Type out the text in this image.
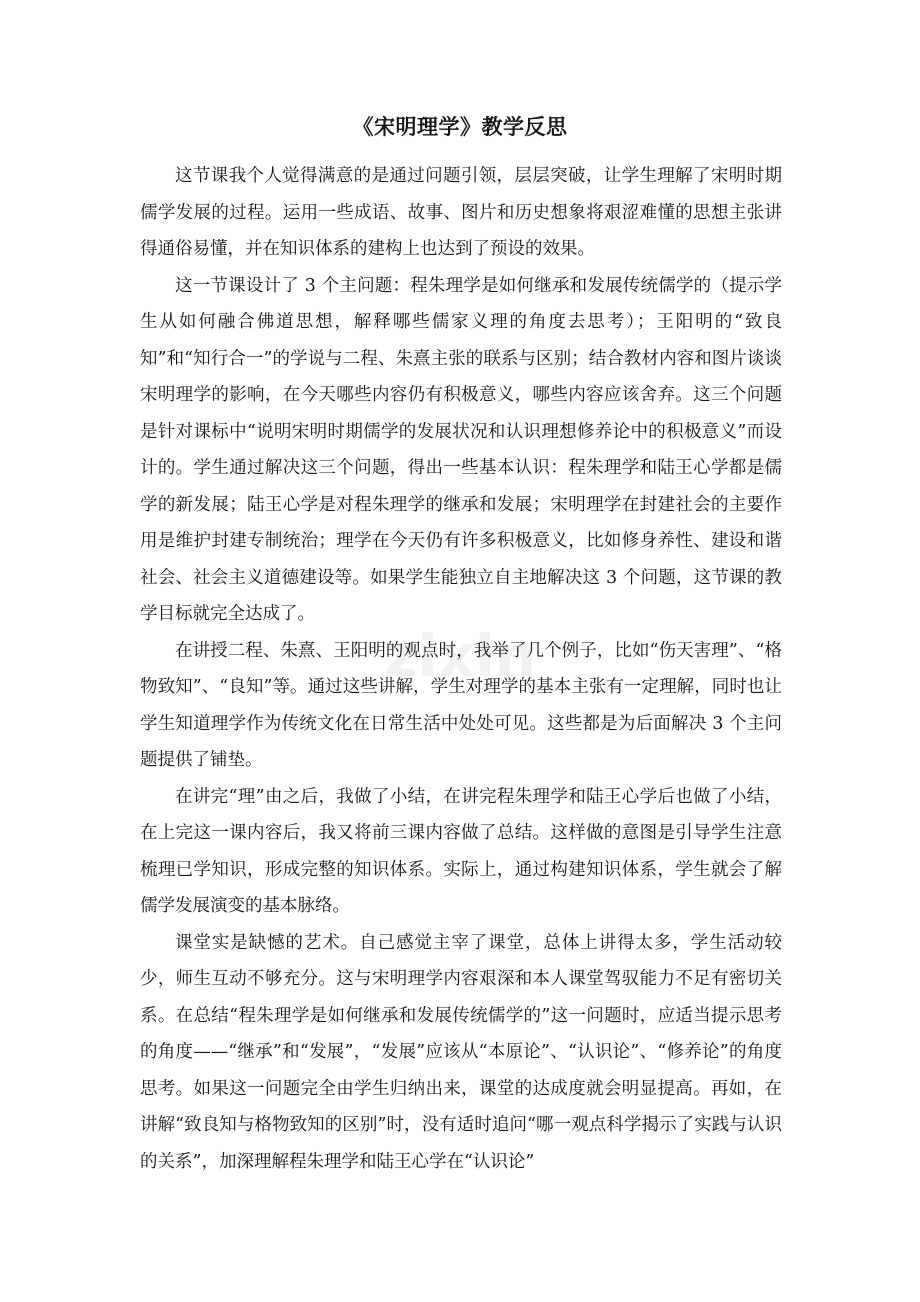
《宋明理学》教学反思
zixin

这节课我个人觉得满意的是通过问题引领，层层突破，让学生理解了宋明时期儒学发展的过程。运用一些成语、故事、图片和历史想象将艰涩难懂的思想主张讲得通俗易懂，并在知识体系的建构上也达到了预设的效果。

这一节课设计了 3 个主问题：程朱理学是如何继承和发展传统儒学的（提示学生从如何融合佛道思想，解释哪些儒家义理的角度去思考）；王阳明的“致良知”和“知行合一”的学说与二程、朱熹主张的联系与区别；结合教材内容和图片谈谈宋明理学的影响，在今天哪些内容仍有积极意义，哪些内容应该舍弃。这三个问题是针对课标中“说明宋明时期儒学的发展状况和认识理想修养论中的积极意义”而设计的。学生通过解决这三个问题，得出一些基本认识：程朱理学和陆王心学都是儒学的新发展；陆王心学是对程朱理学的继承和发展；宋明理学在封建社会的主要作用是维护封建专制统治；理学在今天仍有许多积极意义，比如修身养性、建设和谐社会、社会主义道德建设等。如果学生能独立自主地解决这 3 个问题，这节课的教学目标就完全达成了。

在讲授二程、朱熹、王阳明的观点时，我举了几个例子，比如“伤天害理”、“格物致知”、“良知”等。通过这些讲解，学生对理学的基本主张有一定理解，同时也让学生知道理学作为传统文化在日常生活中处处可见。这些都是为后面解决 3 个主问题提供了铺垫。

在讲完“理”由之后，我做了小结，在讲完程朱理学和陆王心学后也做了小结，在上完这一课内容后，我又将前三课内容做了总结。这样做的意图是引导学生注意梳理已学知识，形成完整的知识体系。实际上，通过构建知识体系，学生就会了解儒学发展演变的基本脉络。

课堂实是缺憾的艺术。自己感觉主宰了课堂，总体上讲得太多，学生活动较少，师生互动不够充分。这与宋明理学内容艰深和本人课堂驾驭能力不足有密切关系。在总结“程朱理学是如何继承和发展传统儒学的”这一问题时，应适当提示思考的角度——“继承”和“发展”，“发展”应该从“本原论”、“认识论”、“修养论”的角度思考。如果这一问题完全由学生归纳出来，课堂的达成度就会明显提高。再如，在讲解“致良知与格物致知的区别”时，没有适时追问“哪一观点科学揭示了实践与认识的关系”，加深理解程朱理学和陆王心学在“认识论”
